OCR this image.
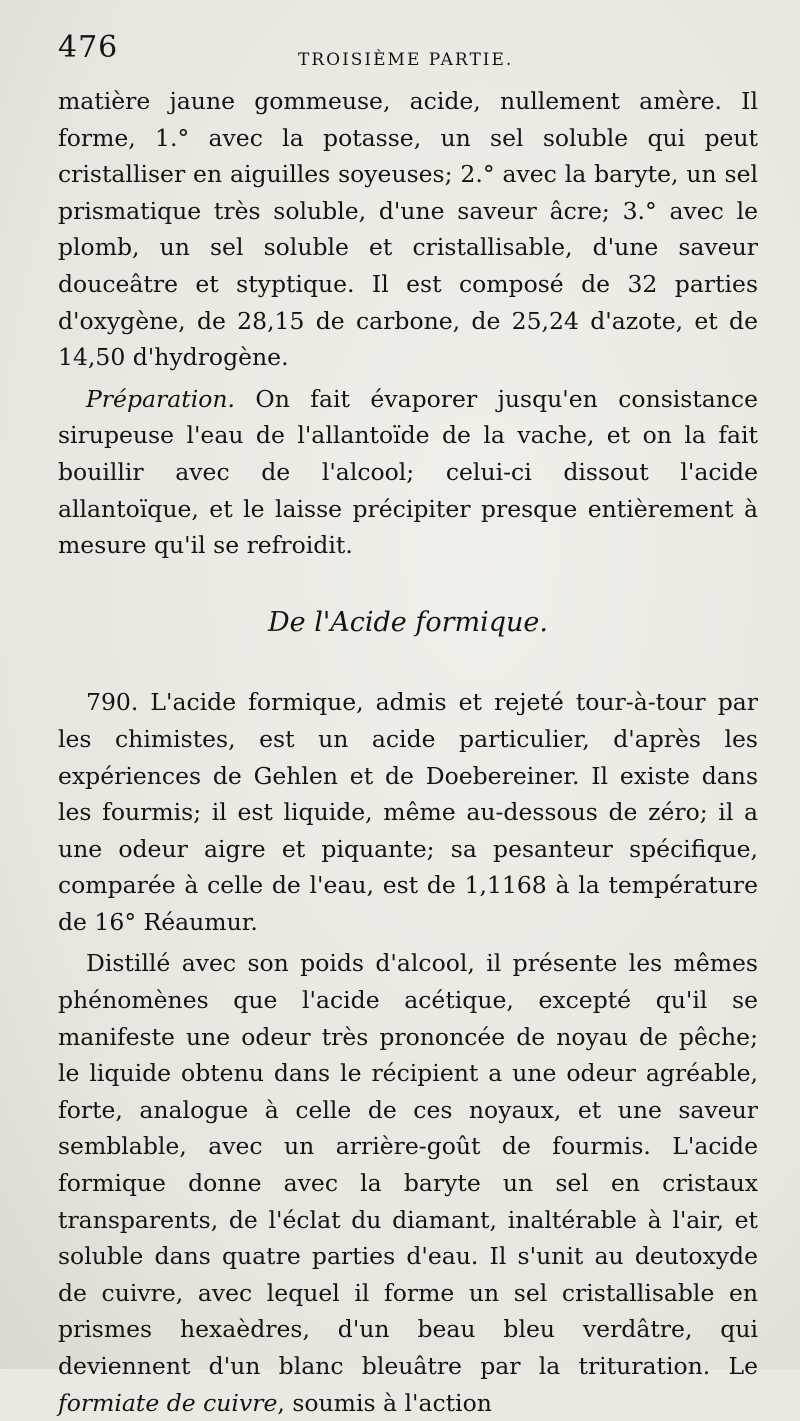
476	TROISIÈME PARTIE.

matière jaune gommeuse, acide, nullement amère. Il forme, 1.° avec la potasse, un sel soluble qui peut cristalliser en aiguilles soyeuses; 2.° avec la baryte, un sel prismatique très soluble, d'une saveur âcre; 3.° avec le plomb, un sel soluble et cristallisable, d'une saveur douceâtre et styptique. Il est composé de 32 parties d'oxygène, de 28,15 de carbone, de 25,24 d'azote, et de 14,50 d'hydrogène.

Préparation. On fait évaporer jusqu'en consistance sirupeuse l'eau de l'allantoïde de la vache, et on la fait bouillir avec de l'alcool; celui-ci dissout l'acide allantoïque, et le laisse précipiter presque entièrement à mesure qu'il se refroidit.

De l'Acide formique.

790. L'acide formique, admis et rejeté tour-à-tour par les chimistes, est un acide particulier, d'après les expériences de Gehlen et de Doebereiner. Il existe dans les fourmis; il est liquide, même au-dessous de zéro; il a une odeur aigre et piquante; sa pesanteur spécifique, comparée à celle de l'eau, est de 1,1168 à la température de 16° Réaumur.

Distillé avec son poids d'alcool, il présente les mêmes phénomènes que l'acide acétique, excepté qu'il se manifeste une odeur très prononcée de noyau de pêche; le liquide obtenu dans le récipient a une odeur agréable, forte, analogue à celle de ces noyaux, et une saveur semblable, avec un arrière-goût de fourmis. L'acide formique donne avec la baryte un sel en cristaux transparents, de l'éclat du diamant, inaltérable à l'air, et soluble dans quatre parties d'eau. Il s'unit au deutoxyde de cuivre, avec lequel il forme un sel cristallisable en prismes hexaèdres, d'un beau bleu verdâtre, qui deviennent d'un blanc bleuâtre par la trituration. Le formiate de cuivre, soumis à l'action
